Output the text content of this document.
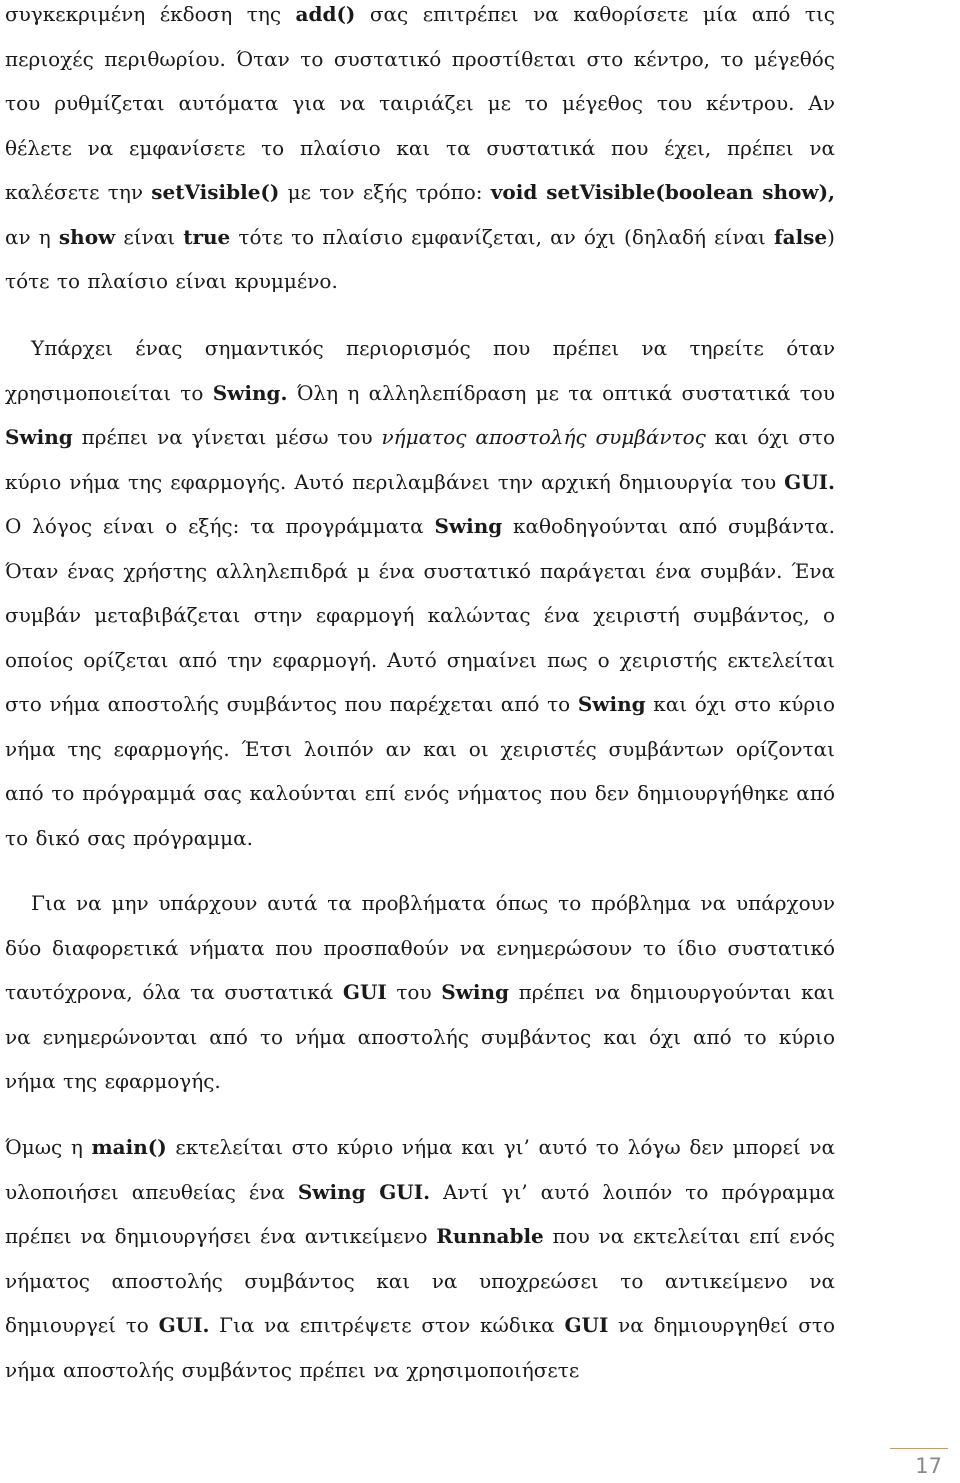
συγκεκριμένη έκδοση της add() σας επιτρέπει να καθορίσετε μία από τις περιοχές περιθωρίου. Όταν το συστατικό προστίθεται στο κέντρο, το μέγεθός του ρυθμίζεται αυτόματα για να ταιριάζει με το μέγεθος του κέντρου. Αν θέλετε να εμφανίσετε το πλαίσιο και τα συστατικά που έχει, πρέπει να καλέσετε την setVisible() με τον εξής τρόπο: void setVisible(boolean show), αν η show είναι true τότε το πλαίσιο εμφανίζεται, αν όχι (δηλαδή είναι false) τότε το πλαίσιο είναι κρυμμένο.

Υπάρχει ένας σημαντικός περιορισμός που πρέπει να τηρείτε όταν χρησιμοποιείται το Swing. Όλη η αλληλεπίδραση με τα οπτικά συστατικά του Swing πρέπει να γίνεται μέσω του νήματος αποστολής συμβάντος και όχι στο κύριο νήμα της εφαρμογής. Αυτό περιλαμβάνει την αρχική δημιουργία του GUI. Ο λόγος είναι ο εξής: τα προγράμματα Swing καθοδηγούνται από συμβάντα. Όταν ένας χρήστης αλληλεπιδρά μ ένα συστατικό παράγεται ένα συμβάν. Ένα συμβάν μεταβιβάζεται στην εφαρμογή καλώντας ένα χειριστή συμβάντος, ο οποίος ορίζεται από την εφαρμογή. Αυτό σημαίνει πως ο χειριστής εκτελείται στο νήμα αποστολής συμβάντος που παρέχεται από το Swing και όχι στο κύριο νήμα της εφαρμογής. Έτσι λοιπόν αν και οι χειριστές συμβάντων ορίζονται από το πρόγραμμά σας καλούνται επί ενός νήματος που δεν δημιουργήθηκε από το δικό σας πρόγραμμα.

Για να μην υπάρχουν αυτά τα προβλήματα όπως το πρόβλημα να υπάρχουν δύο διαφορετικά νήματα που προσπαθούν να ενημερώσουν το ίδιο συστατικό ταυτόχρονα, όλα τα συστατικά GUI του Swing πρέπει να δημιουργούνται και να ενημερώνονται από το νήμα αποστολής συμβάντος και όχι από το κύριο νήμα της εφαρμογής.

Όμως η main() εκτελείται στο κύριο νήμα και γι’ αυτό το λόγω δεν μπορεί να υλοποιήσει απευθείας ένα Swing GUI. Αντί γι’ αυτό λοιπόν το πρόγραμμα πρέπει να δημιουργήσει ένα αντικείμενο Runnable που να εκτελείται επί ενός νήματος αποστολής συμβάντος και να υποχρεώσει το αντικείμενο να δημιουργεί το GUI. Για να επιτρέψετε στον κώδικα GUI να δημιουργηθεί στο νήμα αποστολής συμβάντος πρέπει να χρησιμοποιήσετε

17
